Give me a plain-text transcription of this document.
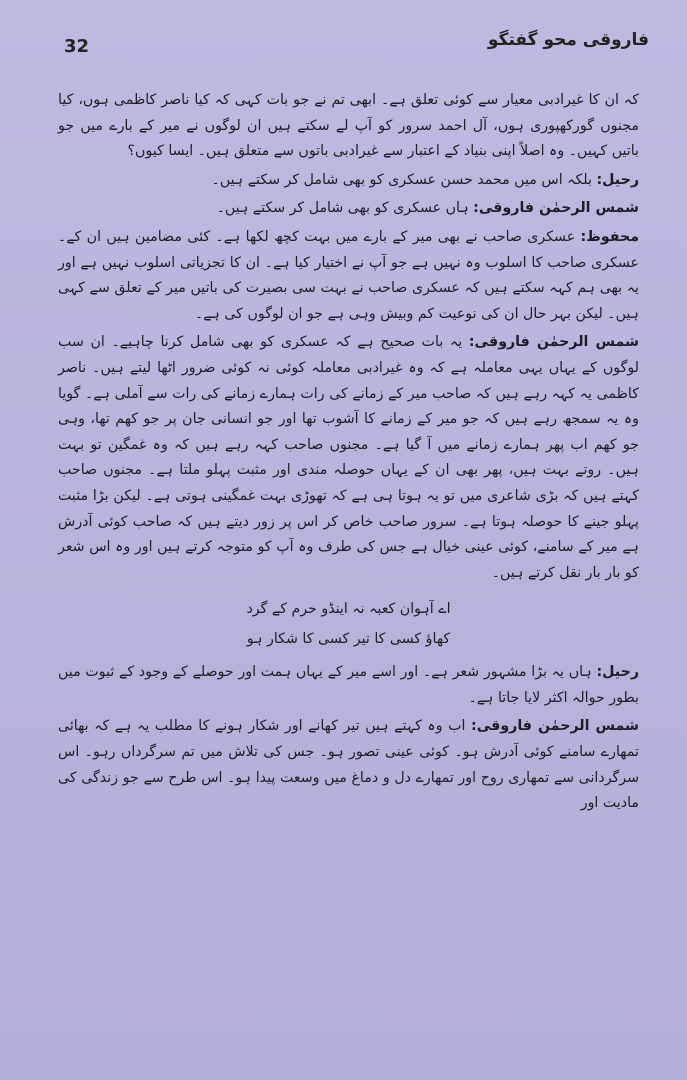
32	فاروقی محو گفتگو

کہ ان کا غیرادبی معیار سے کوئی تعلق ہے۔ ابھی تم نے جو بات کہی کہ کیا ناصر کاظمی ہوں، کیا مجنوں گورکھپوری ہوں، آل احمد سرور کو آپ لے سکتے ہیں ان لوگوں نے میر کے بارے میں جو باتیں کہیں۔ وہ اصلاً اپنی بنیاد کے اعتبار سے غیرادبی باتوں سے متعلق ہیں۔ ایسا کیوں؟

رحیل: بلکہ اس میں محمد حسن عسکری کو بھی شامل کر سکتے ہیں۔

شمس الرحمٰن فاروقی: ہاں عسکری کو بھی شامل کر سکتے ہیں۔

محفوظ: عسکری صاحب نے بھی میر کے بارے میں بہت کچھ لکھا ہے۔ کئی مضامین ہیں ان کے۔ عسکری صاحب کا اسلوب وہ نہیں ہے جو آپ نے اختیار کیا ہے۔ ان کا تجزیاتی اسلوب نہیں ہے اور یہ بھی ہم کہہ سکتے ہیں کہ عسکری صاحب نے بہت سی بصیرت کی باتیں میر کے تعلق سے کہی ہیں۔ لیکن بہر حال ان کی نوعیت کم وبیش وہی ہے جو ان لوگوں کی ہے۔

شمس الرحمٰن فاروقی: یہ بات صحیح ہے کہ عسکری کو بھی شامل کرنا چاہیے۔ ان سب لوگوں کے یہاں یہی معاملہ ہے کہ وہ غیرادبی معاملہ کوئی نہ کوئی ضرور اٹھا لیتے ہیں۔ ناصر کاظمی یہ کہہ رہے ہیں کہ صاحب میر کے زمانے کی رات ہمارے زمانے کی رات سے آملی ہے۔ گویا وہ یہ سمجھ رہے ہیں کہ جو میر کے زمانے کا آشوب تھا اور جو انسانی جان پر جو کھم تھا، وہی جو کھم اب پھر ہمارے زمانے میں آ گیا ہے۔ مجنوں صاحب کہہ رہے ہیں کہ وہ غمگین تو بہت ہیں۔ روتے بہت ہیں، پھر بھی ان کے یہاں حوصلہ مندی اور مثبت پہلو ملتا ہے۔ مجنوں صاحب کہتے ہیں کہ بڑی شاعری میں تو یہ ہوتا ہی ہے کہ تھوڑی بہت غمگینی ہوتی ہے۔ لیکن بڑا مثبت پہلو جینے کا حوصلہ ہوتا ہے۔ سرور صاحب خاص کر اس پر زور دیتے ہیں کہ صاحب کوئی آدرش ہے میر کے سامنے، کوئی عینی خیال ہے جس کی طرف وہ آپ کو متوجہ کرتے ہیں اور وہ اس شعر کو بار بار نقل کرتے ہیں۔

اے آہوان کعبہ نہ اینڈو حرم کے گرد
کھاؤ کسی کا تیر کسی کا شکار ہو

رحیل: ہاں یہ بڑا مشہور شعر ہے۔ اور اسے میر کے یہاں ہمت اور حوصلے کے وجود کے ثبوت میں بطور حوالہ اکثر لایا جاتا ہے۔

شمس الرحمٰن فاروقی: اب وہ کہتے ہیں تیر کھانے اور شکار ہونے کا مطلب یہ ہے کہ بھائی تمھارے سامنے کوئی آدرش ہو۔ کوئی عینی تصور ہو۔ جس کی تلاش میں تم سرگرداں رہو۔ اس سرگردانی سے تمھاری روح اور تمھارے دل و دماغ میں وسعت پیدا ہو۔ اس طرح سے جو زندگی کی مادیت اور
